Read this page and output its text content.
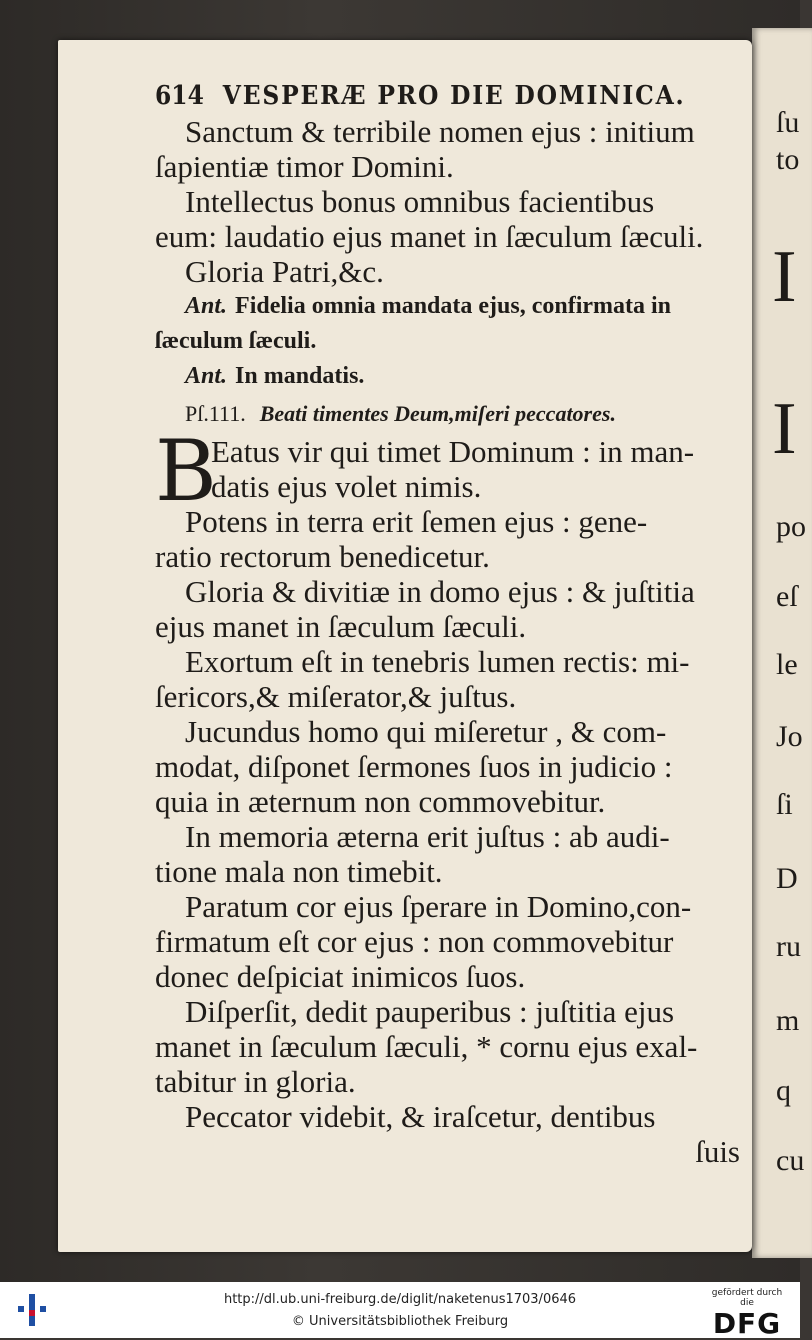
ſu
to
I
I
po
eſ
le
Jo
ſi
D
ru
m
q
cu
614 VESPERÆ PRO DIE DOMINICA.
Sanctum & terribile nomen ejus : initium
ſapientiæ timor Domini.
Intellectus bonus omnibus facientibus
eum: laudatio ejus manet in ſæculum ſæculi.
Gloria Patri,&c.
Ant. Fidelia omnia mandata ejus, confirmata in
ſæculum ſæculi.
Ant. In mandatis.
Pſ.111. Beati timentes Deum,miſeri peccatores.
B
Eatus vir qui timet Dominum : in man-
datis ejus volet nimis.
Potens in terra erit ſemen ejus : gene-
ratio rectorum benedicetur.
Gloria & divitiæ in domo ejus : & juſtitia
ejus manet in ſæculum ſæculi.
Exortum eſt in tenebris lumen rectis: mi-
ſericors,& miſerator,& juſtus.
Jucundus homo qui miſeretur , & com-
modat, diſponet ſermones ſuos in judicio :
quia in æternum non commovebitur.
In memoria æterna erit juſtus : ab audi-
tione mala non timebit.
Paratum cor ejus ſperare in Domino,con-
firmatum eſt cor ejus : non commovebitur
donec deſpiciat inimicos ſuos.
Diſperſit, dedit pauperibus : juſtitia ejus
manet in ſæculum ſæculi, * cornu ejus exal-
tabitur in gloria.
Peccator videbit, & iraſcetur, dentibus
ſuis
http://dl.ub.uni-freiburg.de/diglit/naketenus1703/0646
© Universitätsbibliothek Freiburg
gefördert durch die
DFG
